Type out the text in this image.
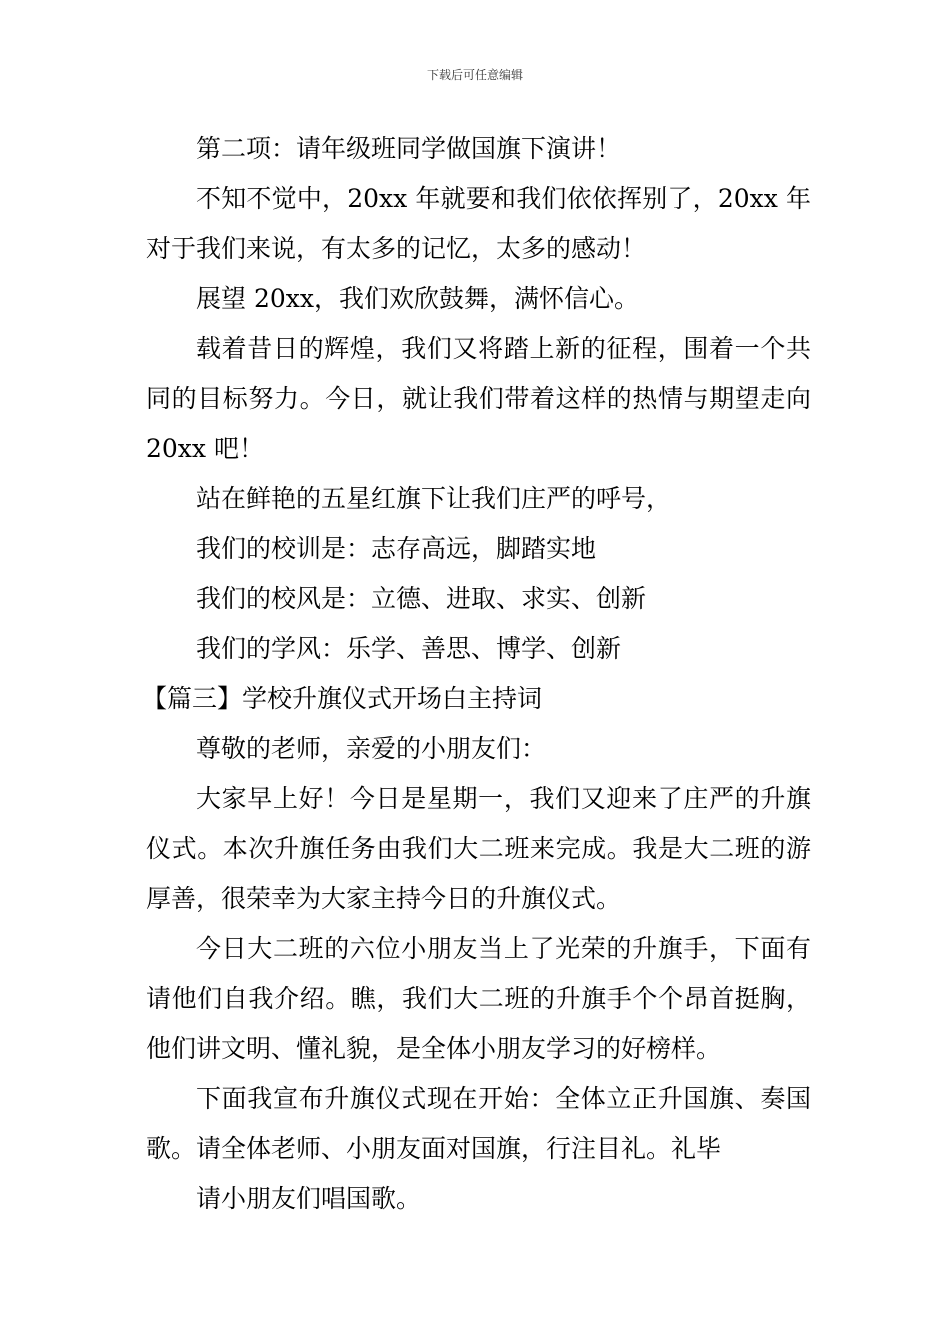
下载后可任意编辑

第二项：请年级班同学做国旗下演讲！

不知不觉中，20xx 年就要和我们依依挥别了，20xx 年对于我们来说，有太多的记忆，太多的感动！

展望 20xx，我们欢欣鼓舞，满怀信心。

载着昔日的辉煌，我们又将踏上新的征程，围着一个共同的目标努力。今日，就让我们带着这样的热情与期望走向 20xx 吧！

站在鲜艳的五星红旗下让我们庄严的呼号，

我们的校训是：志存高远，脚踏实地

我们的校风是：立德、进取、求实、创新

我们的学风：乐学、善思、博学、创新

【篇三】学校升旗仪式开场白主持词

尊敬的老师，亲爱的小朋友们：

大家早上好！今日是星期一，我们又迎来了庄严的升旗仪式。本次升旗任务由我们大二班来完成。我是大二班的游厚善，很荣幸为大家主持今日的升旗仪式。

今日大二班的六位小朋友当上了光荣的升旗手，下面有请他们自我介绍。瞧，我们大二班的升旗手个个昂首挺胸，他们讲文明、懂礼貌，是全体小朋友学习的好榜样。

下面我宣布升旗仪式现在开始：全体立正升国旗、奏国歌。请全体老师、小朋友面对国旗，行注目礼。礼毕

请小朋友们唱国歌。
